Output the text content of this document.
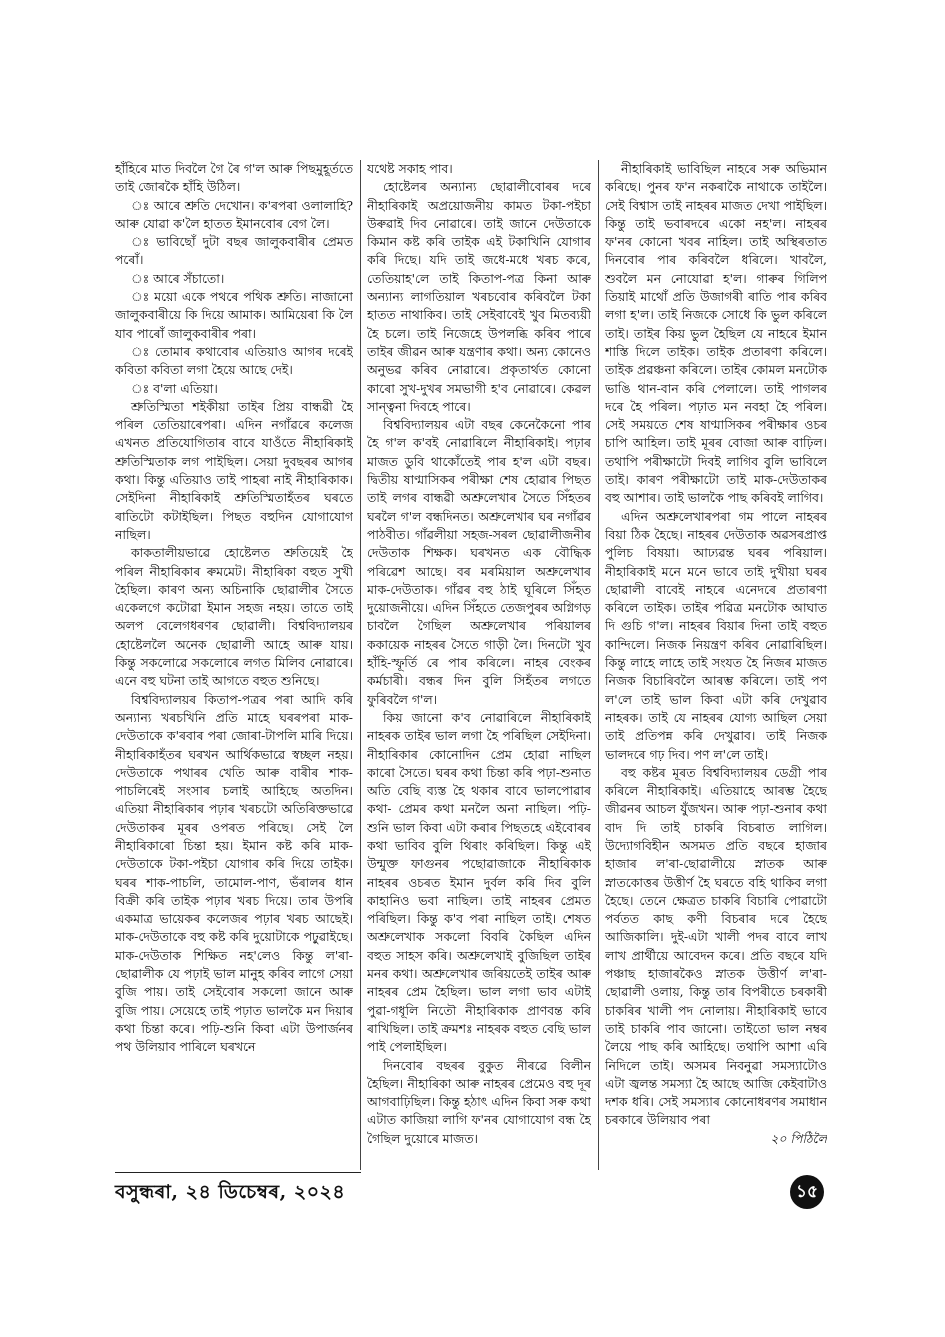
হাঁহিৰে মাত দিবলৈ গৈ ৰৈ গ'ল আৰু পিছমুহূৰ্ততে তাই জোৰকৈ হাঁহি উঠিল।

ঃ আৰে শ্ৰুতি দেখোন। ক'ৰপৰা ওলালাহি? আৰু যোৱা ক'লৈ হাতত ইমানবোৰ বেগ লৈ।

ঃ ভাবিছোঁ দুটা বছৰ জালুকবাৰীৰ প্ৰেমত পৰোঁ।

ঃ আৰে সঁচাতো।

ঃ ময়ো একে পথৰে পথিক শ্ৰুতি। নাজানো জালুকবাৰীয়ে কি দিয়ে আমাক। আমিয়েৰা কি লৈ যাব পাৰোঁ জালুকবাৰীৰ পৰা।

ঃ তোমাৰ কথাবোৰ এতিয়াও আগৰ দৰেই কবিতা কবিতা লগা হৈয়ে আছে দেই।

ঃ ব'লা এতিয়া।

শ্ৰুতিস্মিতা শইকীয়া তাইৰ প্ৰিয় বান্ধৱী হৈ পৰিল তেতিয়াৰেপৰা। এদিন নগাঁৱৰে কলেজ এখনত প্ৰতিযোগিতাৰ বাবে যাওঁতে নীহাৰিকাই শ্ৰুতিস্মিতাক লগ পাইছিল। সেয়া দুবছৰৰ আগৰ কথা। কিন্তু এতিয়াও তাই পাহৰা নাই নীহাৰিকাক। সেইদিনা নীহাৰিকাই শ্ৰুতিস্মিতাহঁতৰ ঘৰতে ৰাতিটো কটাইছিল। পিছত বহুদিন যোগাযোগ নাছিল।

কাকতালীয়ভাৱে হোষ্টেলত শ্ৰুতিয়েই হৈ পৰিল নীহাৰিকাৰ ৰুমমেট। নীহাৰিকা বহুত সুখী হৈছিল। কাৰণ অন্য অচিনাকি ছোৱালীৰ সৈতে একেলগে কটোৱা ইমান সহজ নহয়। তাতে তাই অলপ বেলেগধৰণৰ ছোৱালী। বিশ্ববিদ্যালয়ৰ হোষ্টেললৈ অনেক ছোৱালী আহে আৰু যায়। কিন্তু সকলোৱে সকলোৰে লগত মিলিব নোৱাৰে। এনে বহু ঘটনা তাই আগতে বহুত শুনিছে।

বিশ্ববিদ্যালয়ৰ কিতাপ-পত্ৰৰ পৰা আদি কৰি অন্যান্য খৰচখিনি প্ৰতি মাহে ঘৰৰপৰা মাক-দেউতাকে ক'ৰবাৰ পৰা জোৰা-টাপলি মাৰি দিয়ে। নীহাৰিকাহঁতৰ ঘৰখন আৰ্থিকভাৱে স্বচ্ছল নহয়। দেউতাকে পথাৰৰ খেতি আৰু বাৰীৰ শাক-পাচলিৰেই সংসাৰ চলাই আহিছে অতদিন। এতিয়া নীহাৰিকাৰ পঢ়াৰ খৰচটো অতিৰিক্তভাৱে দেউতাকৰ মূৰৰ ওপৰত পৰিছে। সেই লৈ নীহাৰিকাৰো চিন্তা হয়। ইমান কষ্ট কৰি মাক-দেউতাকে টকা-পইচা যোগাৰ কৰি দিয়ে তাইক। ঘৰৰ শাক-পাচলি, তামোল-পাণ, ভঁৰালৰ ধান বিক্ৰী কৰি তাইক পঢ়াৰ খৰচ দিয়ে। তাৰ উপৰি একমাত্ৰ ভায়েকৰ কলেজৰ পঢ়াৰ খৰচ আছেই। মাক-দেউতাকে বহু কষ্ট কৰি দুয়োটাকে পঢ়ুৱাইছে। মাক-দেউতাক শিক্ষিত নহ'লেও কিন্তু ল'ৰা-ছোৱালীক যে পঢ়াই ভাল মানুহ কৰিব লাগে সেয়া বুজি পায়। তাই সেইবোৰ সকলো জানে আৰু বুজি পায়। সেয়েহে তাই পঢ়াত ভালকৈ মন দিয়াৰ কথা চিন্তা কৰে। পঢ়ি-শুনি কিবা এটা উপাৰ্জনৰ পথ উলিয়াব পাৰিলে ঘৰখনে

যথেষ্ট সকাহ পাব।

হোষ্টেলৰ অন্যান্য ছোৱালীবোৰৰ দৰে নীহাৰিকাই অপ্ৰয়োজনীয় কামত টকা-পইচা উৰুৱাই দিব নোৱাৰে। তাই জানে দেউতাকে কিমান কষ্ট কৰি তাইক এই টকাখিনি যোগাৰ কৰি দিছে। যদি তাই জধে-মধে খৰচ কৰে, তেতিয়াহ'লে তাই কিতাপ-পত্ৰ কিনা আৰু অন্যান্য লাগতিয়াল খৰচবোৰ কৰিবলৈ টকা হাতত নাথাকিব। তাই সেইবাবেই খুব মিতব্যয়ী হৈ চলে। তাই নিজেহে উপলব্ধি কৰিব পাৰে তাইৰ জীৱন আৰু যন্ত্ৰণাৰ কথা। অন্য কোনেও অনুভৱ কৰিব নোৱাৰে। প্ৰকৃতাৰ্থত কোনো কাৰো সুখ-দুখৰ সমভাগী হ'ব নোৱাৰে। কেৱল সান্ত্বনা দিবহে পাৰে।

বিশ্ববিদ্যালয়ৰ এটা বছৰ কেনেকৈনো পাৰ হৈ গ'ল ক'বই নোৱাৰিলে নীহাৰিকাই। পঢ়াৰ মাজত ডুবি থাকোঁতেই পাৰ হ'ল এটা বছৰ। দ্বিতীয় ষাণ্মাসিকৰ পৰীক্ষা শেষ হোৱাৰ পিছত তাই লগৰ বান্ধৱী অশ্ৰুলেখাৰ সৈতে সিঁহতৰ ঘৰলৈ গ'ল বন্ধদিনত। অশ্ৰুলেখাৰ ঘৰ নগাঁৱৰ পাঠবীত। গাঁৱলীয়া সহজ-সৰল ছোৱালীজনীৰ দেউতাক শিক্ষক। ঘৰখনত এক বৌদ্ধিক পৰিৱেশ আছে। বৰ মৰমিয়াল অশ্ৰুলেখাৰ মাক-দেউতাক। গাঁৱৰ বহু ঠাই ঘূৰিলে সিঁহত দুয়োজনীয়ে। এদিন সিঁহতে তেজপুৰৰ অগ্নিগড় চাবলৈ গৈছিল অশ্ৰুলেখাৰ পৰিয়ালৰ ককায়েক নাহৰৰ সৈতে গাড়ী লৈ। দিনটো খুব হাঁহি-স্ফূৰ্তি ৰে পাৰ কৰিলে। নাহৰ বেংকৰ কৰ্মচাৰী। বন্ধৰ দিন বুলি সিহঁতৰ লগতে ফুৰিবলৈ গ'ল।

কিয় জানো ক'ব নোৱাৰিলে নীহাৰিকাই নাহৰক তাইৰ ভাল লগা হৈ পৰিছিল সেইদিনা। নীহাৰিকাৰ কোনোদিন প্ৰেম হোৱা নাছিল কাৰো সৈতে। ঘৰৰ কথা চিন্তা কৰি পঢ়া-শুনাত অতি বেছি ব্যস্ত হৈ থকাৰ বাবে ভালপোৱাৰ কথা- প্ৰেমৰ কথা মনলৈ অনা নাছিল। পঢ়ি-শুনি ভাল কিবা এটা কৰাৰ পিছতহে এইবোৰৰ কথা ভাবিব বুলি থিৰাং কৰিছিল। কিন্তু এই উন্মুক্ত ফাগুনৰ পছোৱাজাকে নীহাৰিকাক নাহৰৰ ওচৰত ইমান দুৰ্বল কৰি দিব বুলি কাহানিও ভবা নাছিল। তাই নাহৰৰ প্ৰেমত পৰিছিল। কিন্তু ক'ব পৰা নাছিল তাই। শেষত অশ্ৰুলেখাক সকলো বিবৰি কৈছিল এদিন বহুত সাহস কৰি। অশ্ৰুলেখাই বুজিছিল তাইৰ মনৰ কথা। অশ্ৰুলেখাৰ জৰিয়তেই তাইৰ আৰু নাহৰৰ প্ৰেম হৈছিল। ভাল লগা ভাব এটাই পুৱা-গধূলি নিতৌ নীহাৰিকাক প্ৰাণবন্ত কৰি ৰাখিছিল। তাই ক্ৰমশঃ নাহৰক বহুত বেছি ভাল পাই পেলাইছিল।

দিনবোৰ বছৰৰ বুকুত নীৰৱে বিলীন হৈছিল। নীহাৰিকা আৰু নাহৰৰ প্ৰেমেও বহু দূৰ আগবাঢ়িছিল। কিন্তু হঠাৎ এদিন কিবা সৰু কথা এটাত কাজিয়া লাগি ফ'নৰ যোগাযোগ বন্ধ হৈ গৈছিল দুয়োৰে মাজত।

নীহাৰিকাই ভাবিছিল নাহৰে সৰু অভিমান কৰিছে। পুনৰ ফ'ন নকৰাকৈ নাথাকে তাইলৈ। সেই বিশ্বাস তাই নাহৰৰ মাজত দেখা পাইছিল। কিন্তু তাই ভবাৰদৰে একো নহ'ল। নাহৰৰ ফ'নৰ কোনো খবৰ নাহিল। তাই অস্থিৰতাত দিনবোৰ পাৰ কৰিবলৈ ধৰিলে। খাবলৈ, শুবলৈ মন নোযোৱা হ'ল। গাৰুৰ গিলিপ তিয়াই মাথোঁ প্ৰতি উজাগৰী ৰাতি পাৰ কৰিব লগা হ'ল। তাই নিজকে সোধে কি ভুল কৰিলে তাই। তাইৰ কিয় ভুল হৈছিল যে নাহৰে ইমান শাস্তি দিলে তাইক। তাইক প্ৰতাৰণা কৰিলে। তাইক প্ৰৱঞ্চনা কৰিলে। তাইৰ কোমল মনটোক ভাঙি থান-বান কৰি পেলালে। তাই পাগলৰ দৰে হৈ পৰিল। পঢ়াত মন নবহা হৈ পৰিল। সেই সময়তে শেষ ষাণ্মাসিকৰ পৰীক্ষাৰ ওচৰ চাপি আহিল। তাই মূৰৰ বোজা আৰু বাঢ়িল। তথাপি পৰীক্ষাটো দিবই লাগিব বুলি ভাবিলে তাই। কাৰণ পৰীক্ষাটো তাই মাক-দেউতাকৰ বহু আশাৰ। তাই ভালকৈ পাছ কৰিবই লাগিব।

এদিন অশ্ৰুলেখাৰপৰা গম পালে নাহৰৰ বিয়া ঠিক হৈছে। নাহৰৰ দেউতাক অৱসৰপ্ৰাপ্ত পুলিচ বিষয়া। আঢ্যৱন্ত ঘৰৰ পৰিয়াল। নীহাৰিকাই মনে মনে ভাবে তাই দুখীয়া ঘৰৰ ছোৱালী বাবেই নাহৰে এনেদৰে প্ৰতাৰণা কৰিলে তাইক। তাইৰ পৱিত্ৰ মনটোক আঘাত দি গুচি গ'ল। নাহৰৰ বিয়াৰ দিনা তাই বহুত কান্দিলে। নিজক নিয়ন্ত্ৰণ কৰিব নোৱাৰিছিল। কিন্তু লাহে লাহে তাই সংযত হৈ নিজৰ মাজত নিজক বিচাৰিবলৈ আৰম্ভ কৰিলে। তাই পণ ল'লে তাই ভাল কিবা এটা কৰি দেখুৱাব নাহৰক। তাই যে নাহৰৰ যোগ্য আছিল সেয়া তাই প্ৰতিপন্ন কৰি দেখুৱাব। তাই নিজক ভালদৰে গঢ় দিব। পণ ল'লে তাই।

বহু কষ্টৰ মূৰত বিশ্ববিদ্যালয়ৰ ডেগ্ৰী পাৰ কৰিলে নীহাৰিকাই। এতিয়াহে আৰম্ভ হৈছে জীৱনৰ আচল যুঁজখন। আৰু পঢ়া-শুনাৰ কথা বাদ দি তাই চাকৰি বিচৰাত লাগিল। উদ্যোগবিহীন অসমত প্ৰতি বছৰে হাজাৰ হাজাৰ ল'ৰা-ছোৱালীয়ে স্নাতক আৰু স্নাতকোত্তৰ উত্তীৰ্ণ হৈ ঘৰতে বহি থাকিব লগা হৈছে। তেনে ক্ষেত্ৰত চাকৰি বিচাৰি পোৱাটো পৰ্বতত কাছ কণী বিচৰাৰ দৰে হৈছে আজিকালি। দুই-এটা খালী পদৰ বাবে লাখ লাখ প্ৰাৰ্থীয়ে আবেদন কৰে। প্ৰতি বছৰে যদি পঞ্চাছ হাজাৰকৈও স্নাতক উত্তীৰ্ণ ল'ৰা-ছোৱালী ওলায়, কিন্তু তাৰ বিপৰীতে চৰকাৰী চাকৰিৰ খালী পদ নোলায়। নীহাৰিকাই ভাবে তাই চাকৰি পাব জানো। তাইতো ভাল নম্বৰ লৈয়ে পাছ কৰি আহিছে। তথাপি আশা এৰি নিদিলে তাই। অসমৰ নিবনুৱা সমস্যাটোও এটা জ্বলন্ত সমস্যা হৈ আছে আজি কেইবাটাও দশক ধৰি। সেই সমস্যাৰ কোনোধৰণৰ সমাধান চৰকাৰে উলিয়াব পৰা

২০ পিঠিলৈ

বসুন্ধৰা, ২৪ ডিচেম্বৰ, ২০২৪	১৫
